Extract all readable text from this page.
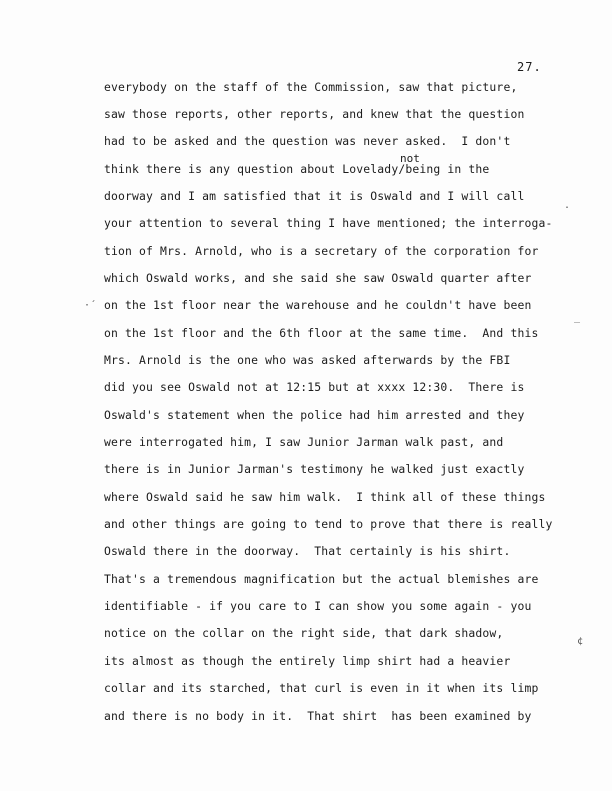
27.
not
everybody on the staff of the Commission, saw that picture,
saw those reports, other reports, and knew that the question
had to be asked and the question was never asked.  I don't
think there is any question about Lovelady/being in the
doorway and I am satisfied that it is Oswald and I will call
your attention to several thing I have mentioned; the interroga-
tion of Mrs. Arnold, who is a secretary of the corporation for
which Oswald works, and she said she saw Oswald quarter after
on the 1st floor near the warehouse and he couldn't have been
on the 1st floor and the 6th floor at the same time.  And this
Mrs. Arnold is the one who was asked afterwards by the FBI
did you see Oswald not at 12:15 but at xxxx 12:30.  There is
Oswald's statement when the police had him arrested and they
were interrogated him, I saw Junior Jarman walk past, and
there is in Junior Jarman's testimony he walked just exactly
where Oswald said he saw him walk.  I think all of these things
and other things are going to tend to prove that there is really
Oswald there in the doorway.  That certainly is his shirt.
That's a tremendous magnification but the actual blemishes are
identifiable - if you care to I can show you some again - you
notice on the collar on the right side, that dark shadow,
its almost as though the entirely limp shirt had a heavier
collar and its starched, that curl is even in it when its limp
and there is no body in it.  That shirt  has been examined by
·´
_
.
¢
